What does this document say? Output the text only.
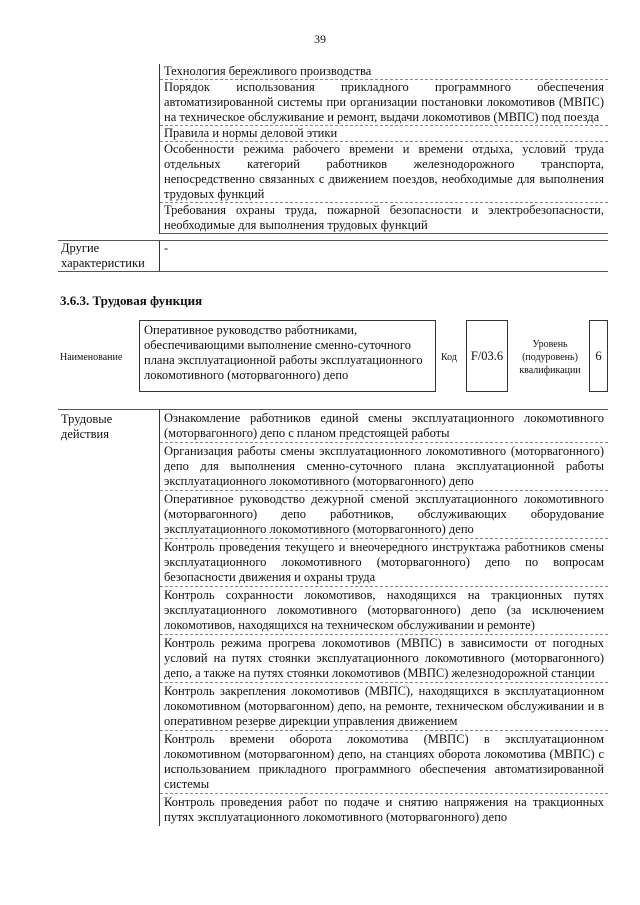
39
Технология бережливого производства
Порядок использования прикладного программного обеспечения автоматизированной системы при организации постановки локомотивов (МВПС) на техническое обслуживание и ремонт, выдачи локомотивов (МВПС) под поезда
Правила и нормы деловой этики
Особенности режима рабочего времени и времени отдыха, условий труда отдельных категорий работников железнодорожного транспорта, непосредственно связанных с движением поездов, необходимые для выполнения трудовых функций
Требования охраны труда, пожарной безопасности и электробезопасности, необходимые для выполнения трудовых функций
Другие характеристики
-
3.6.3. Трудовая функция
Наименование
Оперативное руководство работниками, обеспечивающими выполнение сменно-суточного плана эксплуатационной работы эксплуатационного локомотивного (моторвагонного) депо
Код	F/03.6
Уровень (подуровень) квалификации
6
Трудовые действия
Ознакомление работников единой смены эксплуатационного локомотивного (моторвагонного) депо с планом предстоящей работы
Организация работы смены эксплуатационного локомотивного (моторвагонного) депо для выполнения сменно-суточного плана эксплуатационной работы эксплуатационного локомотивного (моторвагонного) депо
Оперативное руководство дежурной сменой эксплуатационного локомотивного (моторвагонного) депо работников, обслуживающих оборудование эксплуатационного локомотивного (моторвагонного) депо
Контроль проведения текущего и внеочередного инструктажа работников смены эксплуатационного локомотивного (моторвагонного) депо по вопросам безопасности движения и охраны труда
Контроль сохранности локомотивов, находящихся на тракционных путях эксплуатационного локомотивного (моторвагонного) депо (за исключением локомотивов, находящихся на техническом обслуживании и ремонте)
Контроль режима прогрева локомотивов (МВПС) в зависимости от погодных условий на путях стоянки эксплуатационного локомотивного (моторвагонного) депо, а также на путях стоянки локомотивов (МВПС) железнодорожной станции
Контроль закрепления локомотивов (МВПС), находящихся в эксплуатационном локомотивном (моторвагонном) депо, на ремонте, техническом обслуживании и в оперативном резерве дирекции управления движением
Контроль времени оборота локомотива (МВПС) в эксплуатационном локомотивном (моторвагонном) депо, на станциях оборота локомотива (МВПС) с использованием прикладного программного обеспечения автоматизированной системы
Контроль проведения работ по подаче и снятию напряжения на тракционных путях эксплуатационного локомотивного (моторвагонного) депо
